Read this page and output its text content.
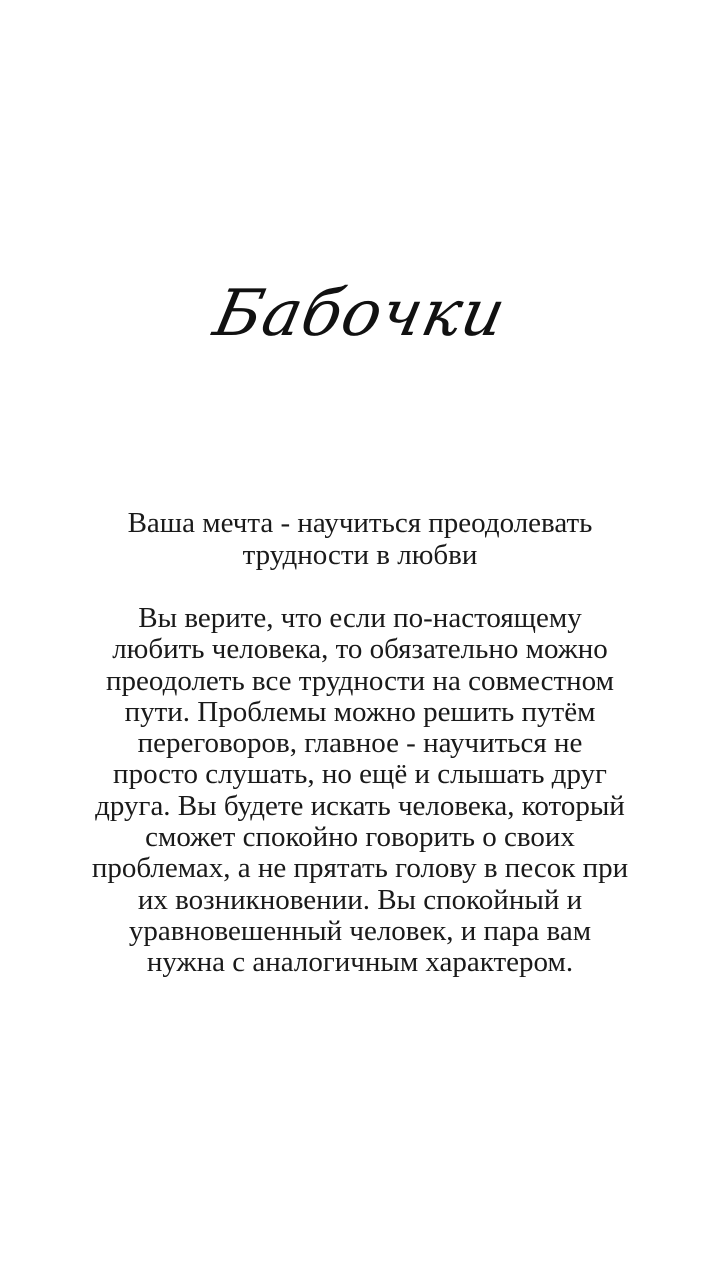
Бабочки
Ваша мечта - научиться преодолевать
трудности в любви
Вы верите, что если по-настоящему
любить человека, то обязательно можно
преодолеть все трудности на совместном
пути. Проблемы можно решить путём
переговоров, главное - научиться не
просто слушать, но ещё и слышать друг
друга. Вы будете искать человека, который
сможет спокойно говорить о своих
проблемах, а не прятать голову в песок при
их возникновении. Вы спокойный и
уравновешенный человек, и пара вам
нужна с аналогичным характером.
